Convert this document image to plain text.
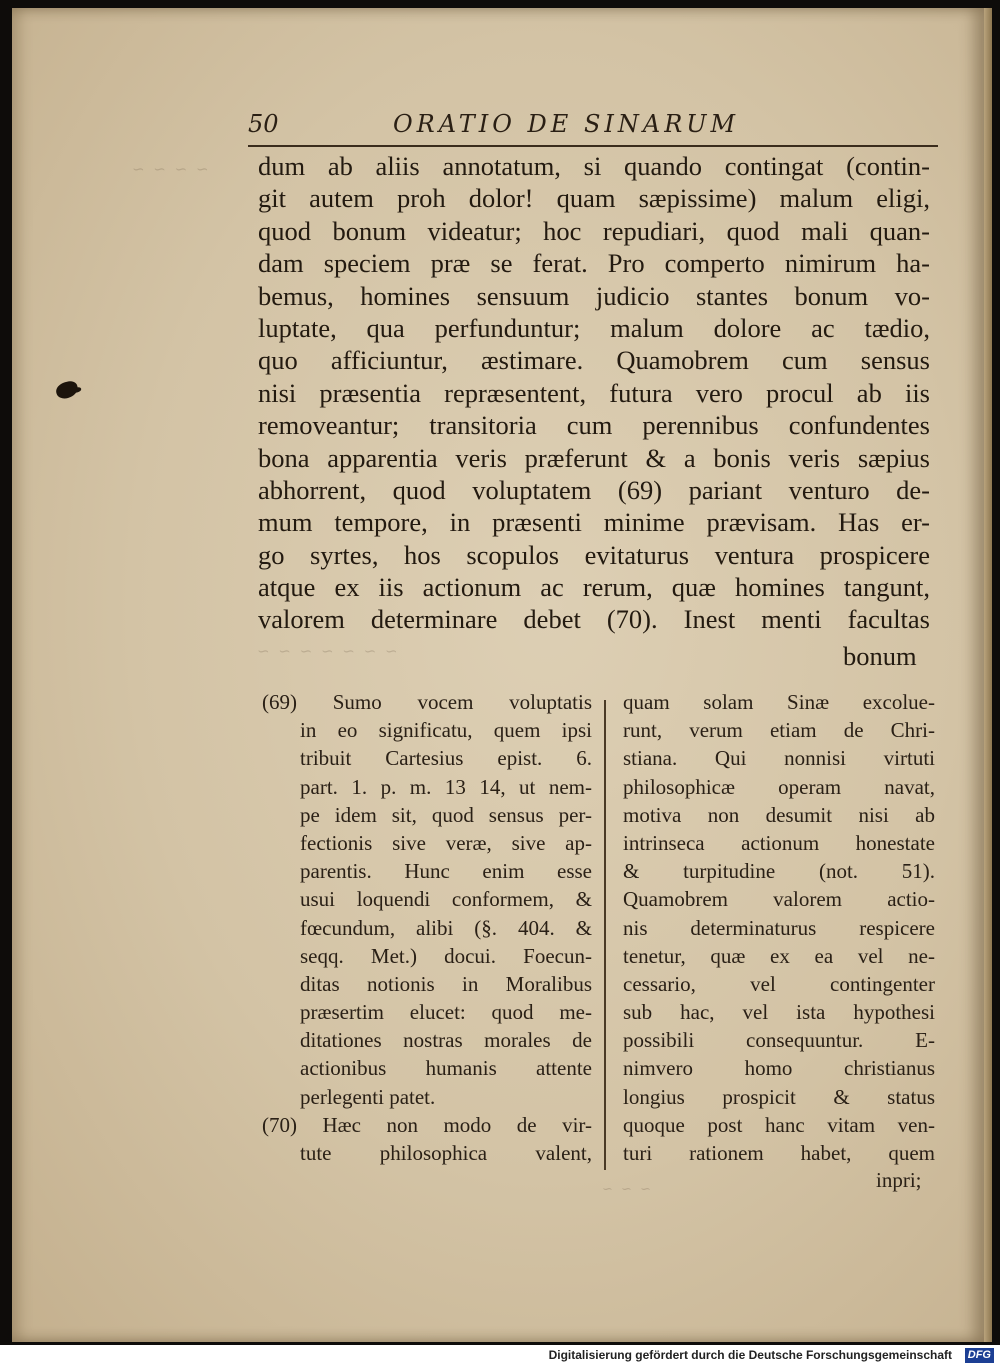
~ ~ ~ ~
~ ~ ~ ~ ~ ~ ~
~ ~ ~
50	ORATIO DE SINARUM
dum ab aliis annotatum, si quando contingat (contin-
git autem proh dolor! quam sæpissime) malum eligi,
quod bonum videatur; hoc repudiari, quod mali quan-
dam speciem præ se ferat. Pro comperto nimirum ha-
bemus, homines sensuum judicio stantes bonum vo-
luptate, qua perfunduntur; malum dolore ac tædio,
quo afficiuntur, æstimare. Quamobrem cum sensus
nisi præsentia repræsentent, futura vero procul ab iis
removeantur; transitoria cum perennibus confundentes
bona apparentia veris præferunt & a bonis veris sæpius
abhorrent, quod voluptatem (69) pariant venturo de-
mum tempore, in præsenti minime prævisam. Has er-
go syrtes, hos scopulos evitaturus ventura prospicere
atque ex iis actionum ac rerum, quæ homines tangunt,
valorem determinare debet (70). Inest menti facultas
bonum
(69) Sumo vocem voluptatis
in eo significatu, quem ipsi
tribuit Cartesius epist. 6.
part. 1. p. m. 13 14, ut nem-
pe idem sit, quod sensus per-
fectionis sive veræ, sive ap-
parentis. Hunc enim esse
usui loquendi conformem, &
fœcundum, alibi (§. 404. &
seqq. Met.) docui. Foecun-
ditas notionis in Moralibus
præsertim elucet: quod me-
ditationes nostras morales de
actionibus humanis attente
perlegenti patet.
(70) Hæc non modo de vir-
tute philosophica valent,
quam solam Sinæ excolue-
runt, verum etiam de Chri-
stiana. Qui nonnisi virtuti
philosophicæ operam navat,
motiva non desumit nisi ab
intrinseca actionum honestate
& turpitudine (not. 51).
Quamobrem valorem actio-
nis determinaturus respicere
tenetur, quæ ex ea vel ne-
cessario, vel contingenter
sub hac, vel ista hypothesi
possibili consequuntur. E-
nimvero homo christianus
longius prospicit & status
quoque post hanc vitam ven-
turi rationem habet, quem
inpri;
Digitalisierung gefördert durch die Deutsche Forschungsgemeinschaft DFG
